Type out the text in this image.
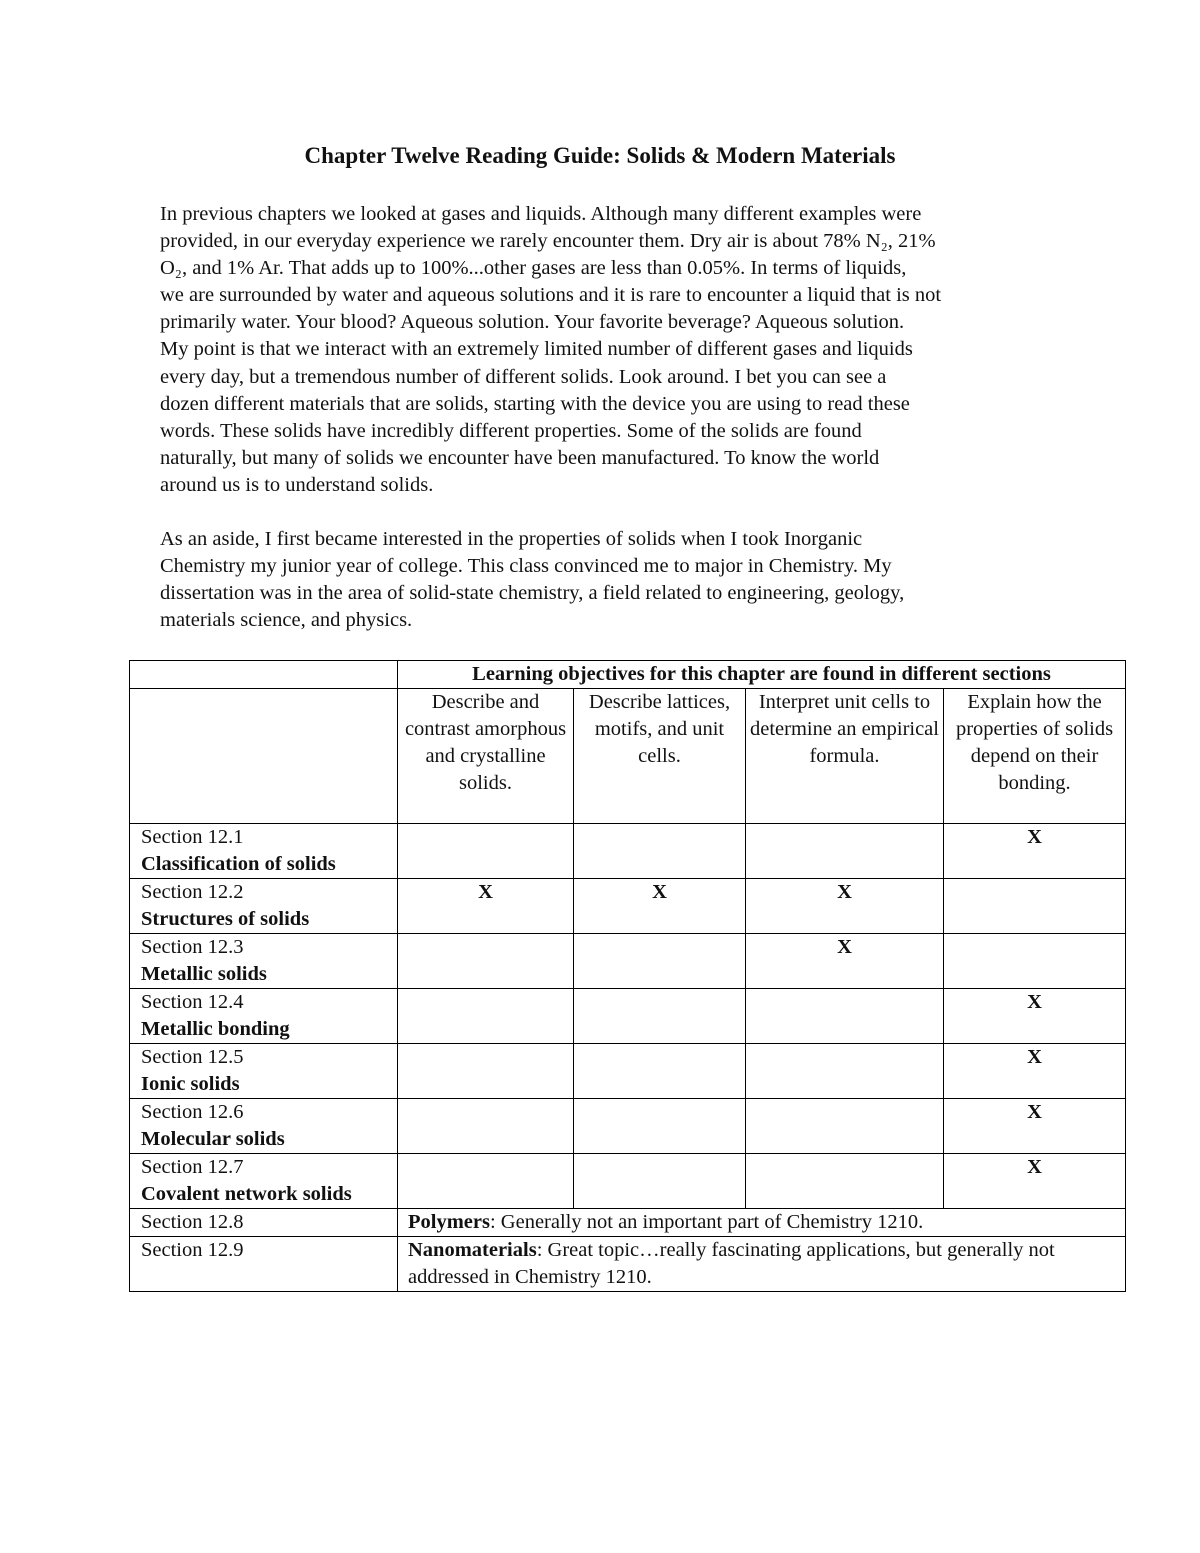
Chapter Twelve Reading Guide: Solids & Modern Materials

In previous chapters we looked at gases and liquids. Although many different examples were
provided, in our everyday experience we rarely encounter them. Dry air is about 78% N₂, 21%
O₂, and 1% Ar. That adds up to 100%...other gases are less than 0.05%. In terms of liquids,
we are surrounded by water and aqueous solutions and it is rare to encounter a liquid that is not
primarily water. Your blood? Aqueous solution. Your favorite beverage? Aqueous solution.
My point is that we interact with an extremely limited number of different gases and liquids
every day, but a tremendous number of different solids. Look around. I bet you can see a
dozen different materials that are solids, starting with the device you are using to read these
words. These solids have incredibly different properties. Some of the solids are found
naturally, but many of solids we encounter have been manufactured. To know the world
around us is to understand solids.

As an aside, I first became interested in the properties of solids when I took Inorganic
Chemistry my junior year of college. This class convinced me to major in Chemistry. My
dissertation was in the area of solid-state chemistry, a field related to engineering, geology,
materials science, and physics.

	Learning objectives for this chapter are found in different sections			
	Describe and contrast amorphous and crystalline solids.	Describe lattices, motifs, and unit cells.	Interpret unit cells to determine an empirical formula.	Explain how the properties of solids depend on their bonding.

Section 12.1
Classification of solids				X

Section 12.2
Structures of solids	X	X	X	

Section 12.3
Metallic solids			X	

Section 12.4
Metallic bonding				X

Section 12.5
Ionic solids				X

Section 12.6
Molecular solids				X

Section 12.7
Covalent network solids				X

Section 12.8	Polymers: Generally not an important part of Chemistry 1210.			

Section 12.9	Nanomaterials: Great topic…really fascinating applications, but generally not addressed in Chemistry 1210.			
